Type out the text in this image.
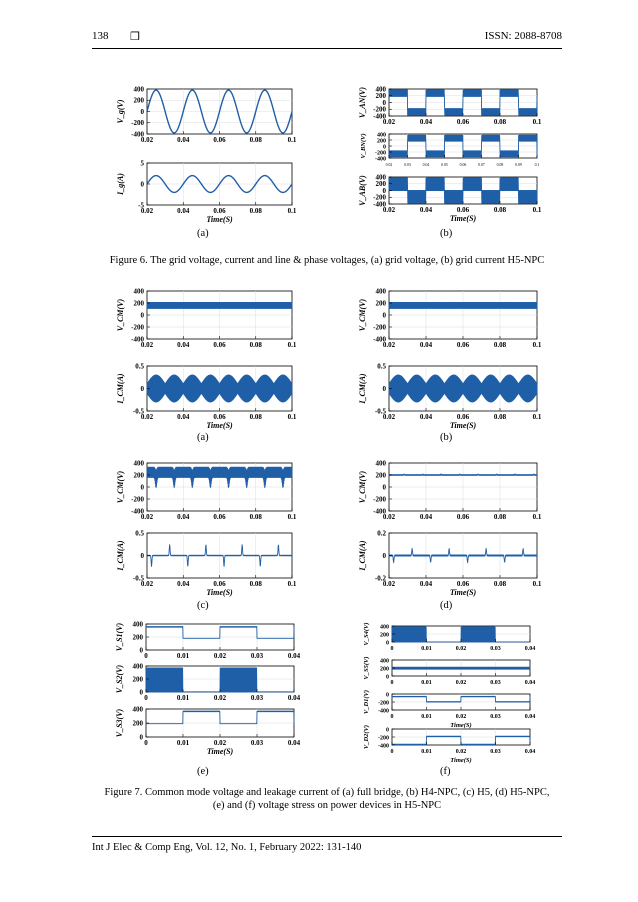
138 ❒	ISSN: 2088-8708
400
200
0
-200
-400
0.02	0.04	0.06	0.08	0.1
V_g(V)
5
0
-5
0.02	0.04	0.06	0.08	0.1
I_g(A)
Time(S)
400
200
0
-200
-400
0.02	0.04	0.06	0.08	0.1
V_AN(V)
400
200
0
-200
-400
0.02	0.03	0.04	0.05	0.06	0.07	0.08	0.09	0.1
V_BN(V)
400
200
0
-200
-400
0.02	0.04	0.06	0.08	0.1
V_AB(V)
Time(S)
400
200
0
-200
-400
0.02	0.04	0.06	0.08	0.1
V_CM(V)
0.5
0
-0.5
0.02	0.04	0.06	0.08	0.1
I_CM(A)
Time(S)
400
200
0
-200
-400
0.02	0.04	0.06	0.08	0.1
V_CM(V)
0.5
0
-0.5
0.02	0.04	0.06	0.08	0.1
I_CM(A)
Time(S)
400
200
0
-200
-400
0.02	0.04	0.06	0.08	0.1
V_CM(V)
0.5
0
-0.5
0.02	0.04	0.06	0.08	0.1
I_CM(A)
Time(S)
400
200
0
-200
-400
0.02	0.04	0.06	0.08	0.1
V_CM(V)
0.2
0
-0.2
0.02	0.04	0.06	0.08	0.1
I_CM(A)
Time(S)
400
200
0
0	0.01	0.02	0.03	0.04
V_S1(V)
400
200
0
0	0.01	0.02	0.03	0.04
V_S2(V)
400
200
0
0	0.01	0.02	0.03	0.04
V_S3(V)
Time(S)
400
200
0
0	0.01	0.02	0.03	0.04
V_S4(V)
400
200
0
0	0.01	0.02	0.03	0.04
V_S5(V)
0
-200
-400
0	0.01	0.02	0.03	0.04
V_D1(V)
Time(S)
0
-200
-400
0	0.01	0.02	0.03	0.04
V_D2(V)
Time(S)
(a)	(b)
Figure 6. The grid voltage, current and line & phase voltages, (a) grid voltage, (b) grid current H5-NPC
(a)	(b)
(c)	(d)
(e)	(f)
Figure 7. Common mode voltage and leakage current of (a) full bridge, (b) H4-NPC, (c) H5, (d) H5-NPC,
(e) and (f) voltage stress on power devices in H5-NPC
Int J Elec & Comp Eng, Vol. 12, No. 1, February 2022: 131-140
